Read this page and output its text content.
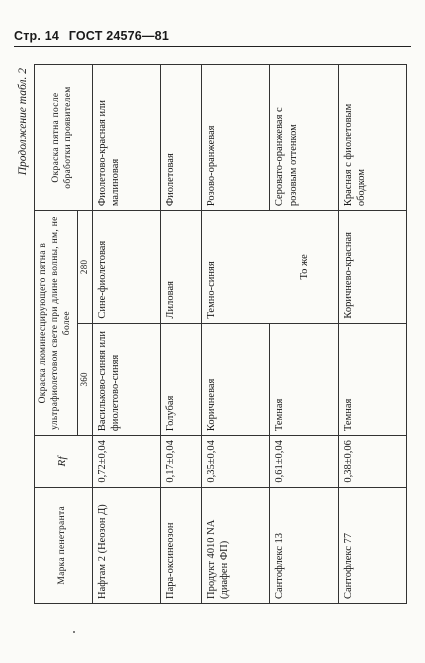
Стр. 14 ГОСТ 24576—81
Продолжение табл. 2
Марка пенетранта	Rf	Окраска люминесцирующего пятна в ультрафиолетовом свете при длине волны, нм, не более		Окраска пятна после обработки проявителем
		360	280	
Нафтам 2 (Неозон Д)	0,72±0,04	Васильково-синяя или фиолетово-синяя	Сине-фиолетовая	Фиолетово-красная или малиновая
Пара-оксинеозон	0,17±0,04	Голубая	Лиловая	Фиолетовая
Продукт 4010 NA (диафен ФП)	0,35±0,04	Коричневая	Темно-синяя	Розово-оранжевая
Сантофлекс 13	0,61±0,04	Темная	То же	Серовато-оранжевая с розовым оттенком
Сантофлекс 77	0,38±0,06	Темная	Коричнево-красная	Красная с фиолетовым ободком
